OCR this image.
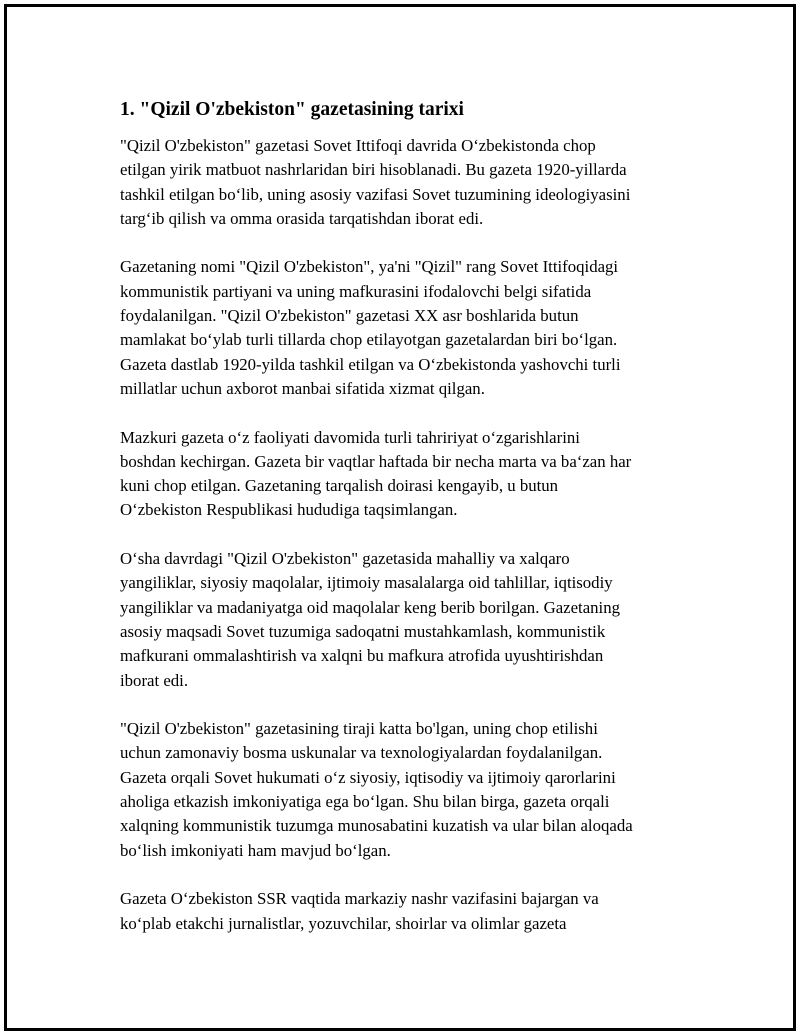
1. "Qizil O'zbekiston" gazetasining tarixi
"Qizil O'zbekiston" gazetasi Sovet Ittifoqi davrida O‘zbekistonda chop
etilgan yirik matbuot nashrlaridan biri hisoblanadi. Bu gazeta 1920-yillarda
tashkil etilgan bo‘lib, uning asosiy vazifasi Sovet tuzumining ideologiyasini
targ‘ib qilish va omma orasida tarqatishdan iborat edi.
Gazetaning nomi "Qizil O'zbekiston", ya'ni "Qizil" rang Sovet Ittifoqidagi
kommunistik partiyani va uning mafkurasini ifodalovchi belgi sifatida
foydalanilgan. "Qizil O'zbekiston" gazetasi XX asr boshlarida butun
mamlakat bo‘ylab turli tillarda chop etilayotgan gazetalardan biri bo‘lgan.
Gazeta dastlab 1920-yilda tashkil etilgan va O‘zbekistonda yashovchi turli
millatlar uchun axborot manbai sifatida xizmat qilgan.
Mazkuri gazeta o‘z faoliyati davomida turli tahririyat o‘zgarishlarini
boshdan kechirgan. Gazeta bir vaqtlar haftada bir necha marta va ba‘zan har
kuni chop etilgan. Gazetaning tarqalish doirasi kengayib, u butun
O‘zbekiston Respublikasi hududiga taqsimlangan.
O‘sha davrdagi "Qizil O'zbekiston" gazetasida mahalliy va xalqaro
yangiliklar, siyosiy maqolalar, ijtimoiy masalalarga oid tahlillar, iqtisodiy
yangiliklar va madaniyatga oid maqolalar keng berib borilgan. Gazetaning
asosiy maqsadi Sovet tuzumiga sadoqatni mustahkamlash, kommunistik
mafkurani ommalashtirish va xalqni bu mafkura atrofida uyushtirishdan
iborat edi.
"Qizil O'zbekiston" gazetasining tiraji katta bo'lgan, uning chop etilishi
uchun zamonaviy bosma uskunalar va texnologiyalardan foydalanilgan.
Gazeta orqali Sovet hukumati o‘z siyosiy, iqtisodiy va ijtimoiy qarorlarini
aholiga etkazish imkoniyatiga ega bo‘lgan. Shu bilan birga, gazeta orqali
xalqning kommunistik tuzumga munosabatini kuzatish va ular bilan aloqada
bo‘lish imkoniyati ham mavjud bo‘lgan.
Gazeta O‘zbekiston SSR vaqtida markaziy nashr vazifasini bajargan va
ko‘plab etakchi jurnalistlar, yozuvchilar, shoirlar va olimlar gazeta
